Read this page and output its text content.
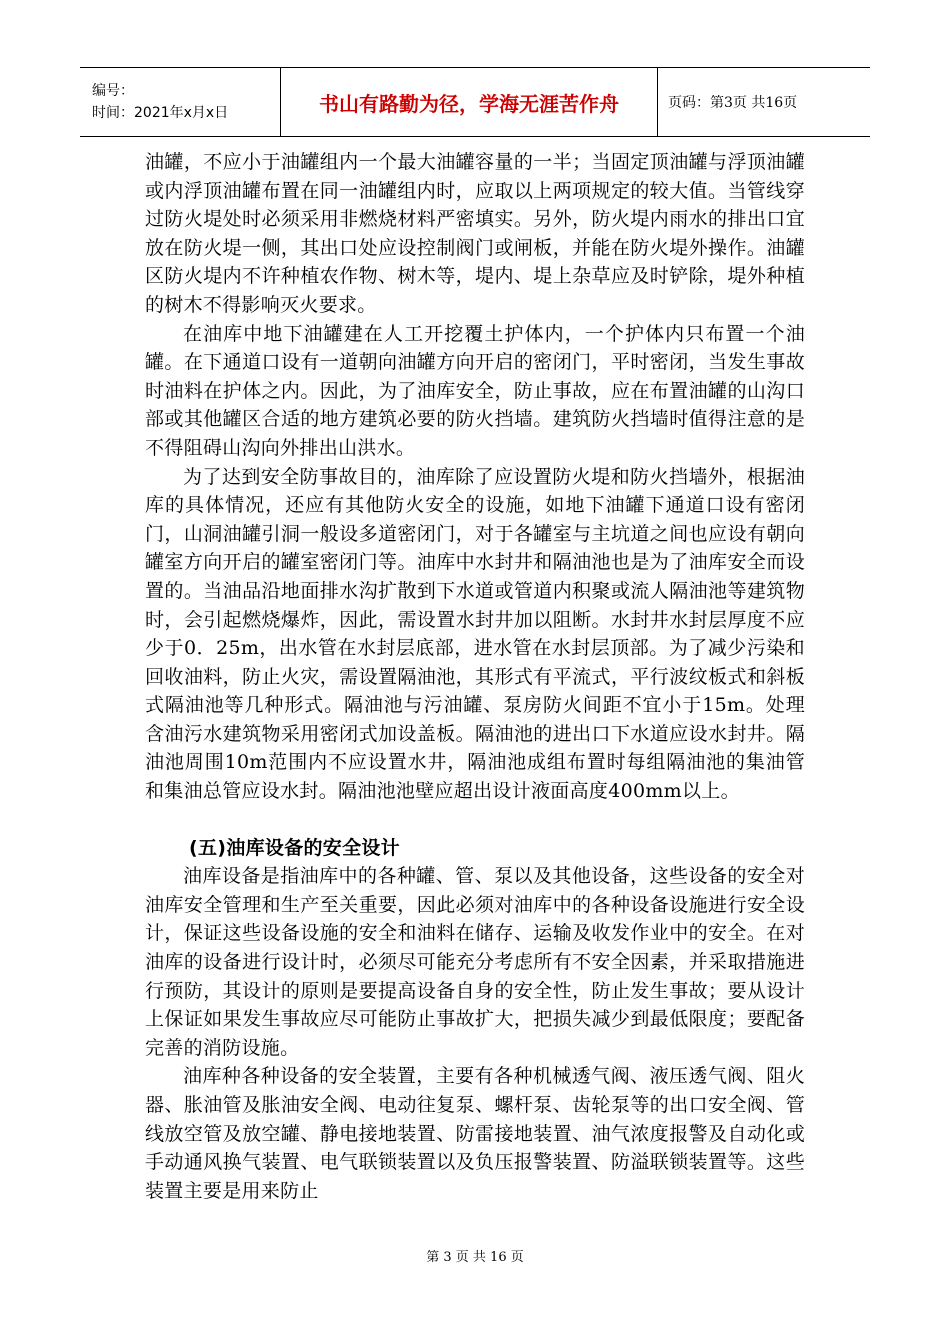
编号：
时间：2021年x月x日	书山有路勤为径，学海无涯苦作舟	页码：第3页 共16页

油罐，不应小于油罐组内一个最大油罐容量的一半；当固定顶油罐与浮顶油罐或内浮顶油罐布置在同一油罐组内时，应取以上两项规定的较大值。当管线穿过防火堤处时必须采用非燃烧材料严密填实。另外，防火堤内雨水的排出口宜放在防火堤一侧，其出口处应设控制阀门或闸板，并能在防火堤外操作。油罐区防火堤内不许种植农作物、树木等，堤内、堤上杂草应及时铲除，堤外种植的树木不得影响灭火要求。

在油库中地下油罐建在人工开挖覆土护体内，一个护体内只布置一个油罐。在下通道口设有一道朝向油罐方向开启的密闭门，平时密闭，当发生事故时油料在护体之内。因此，为了油库安全，防止事故，应在布置油罐的山沟口部或其他罐区合适的地方建筑必要的防火挡墙。建筑防火挡墙时值得注意的是不得阻碍山沟向外排出山洪水。

为了达到安全防事故目的，油库除了应设置防火堤和防火挡墙外，根据油库的具体情况，还应有其他防火安全的设施，如地下油罐下通道口设有密闭门，山洞油罐引洞一般设多道密闭门，对于各罐室与主坑道之间也应设有朝向罐室方向开启的罐室密闭门等。油库中水封井和隔油池也是为了油库安全而设置的。当油品沿地面排水沟扩散到下水道或管道内积聚或流人隔油池等建筑物时，会引起燃烧爆炸，因此，需设置水封井加以阻断。水封井水封层厚度不应少于0．25m，出水管在水封层底部，进水管在水封层顶部。为了减少污染和回收油料，防止火灾，需设置隔油池，其形式有平流式，平行波纹板式和斜板式隔油池等几种形式。隔油池与污油罐、泵房防火间距不宜小于15m。处理含油污水建筑物采用密闭式加设盖板。隔油池的进出口下水道应设水封井。隔油池周围10m范围内不应设置水井，隔油池成组布置时每组隔油池的集油管和集油总管应设水封。隔油池池壁应超出设计液面高度400mm以上。

(五)油库设备的安全设计

油库设备是指油库中的各种罐、管、泵以及其他设备，这些设备的安全对油库安全管理和生产至关重要，因此必须对油库中的各种设备设施进行安全设计，保证这些设备设施的安全和油料在储存、运输及收发作业中的安全。在对油库的设备进行设计时，必须尽可能充分考虑所有不安全因素，并采取措施进行预防，其设计的原则是要提高设备自身的安全性，防止发生事故；要从设计上保证如果发生事故应尽可能防止事故扩大，把损失减少到最低限度；要配备完善的消防设施。

油库种各种设备的安全装置，主要有各种机械透气阀、液压透气阀、阻火器、胀油管及胀油安全阀、电动往复泵、螺杆泵、齿轮泵等的出口安全阀、管线放空管及放空罐、静电接地装置、防雷接地装置、油气浓度报警及自动化或手动通风换气装置、电气联锁装置以及负压报警装置、防溢联锁装置等。这些装置主要是用来防止

第 3 页 共 16 页
